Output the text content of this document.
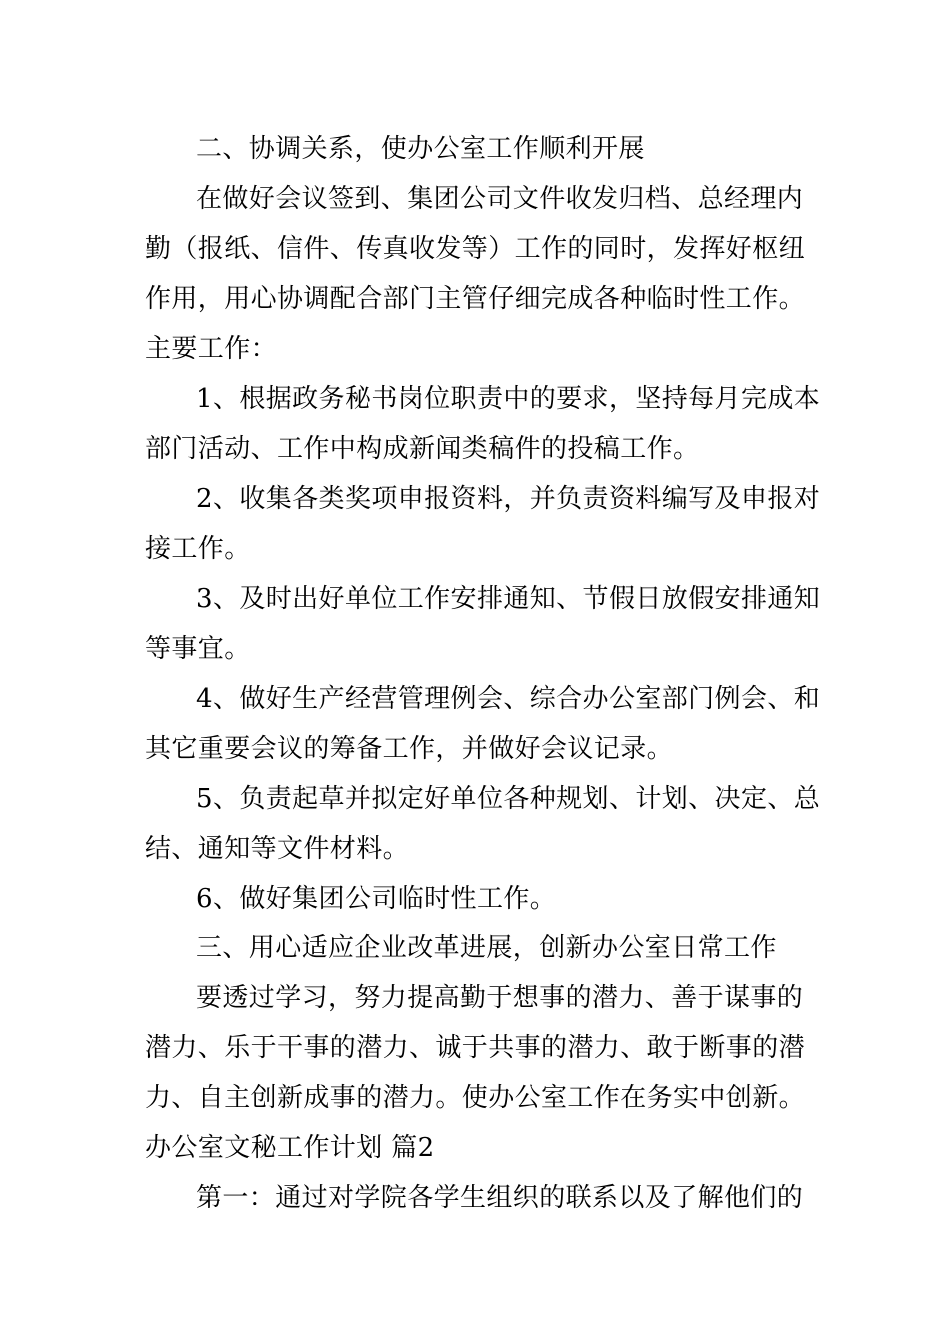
二、协调关系，使办公室工作顺利开展
在做好会议签到、集团公司文件收发归档、总经理内
勤（报纸、信件、传真收发等）工作的同时，发挥好枢纽
作用，用心协调配合部门主管仔细完成各种临时性工作。
主要工作：
1、根据政务秘书岗位职责中的要求，坚持每月完成本
部门活动、工作中构成新闻类稿件的投稿工作。
2、收集各类奖项申报资料，并负责资料编写及申报对
接工作。
3、及时出好单位工作安排通知、节假日放假安排通知
等事宜。
4、做好生产经营管理例会、综合办公室部门例会、和
其它重要会议的筹备工作，并做好会议记录。
5、负责起草并拟定好单位各种规划、计划、决定、总
结、通知等文件材料。
6、做好集团公司临时性工作。
三、用心适应企业改革进展，创新办公室日常工作
要透过学习，努力提高勤于想事的潜力、善于谋事的
潜力、乐于干事的潜力、诚于共事的潜力、敢于断事的潜
力、自主创新成事的潜力。使办公室工作在务实中创新。
办公室文秘工作计划 篇2
第一：通过对学院各学生组织的联系以及了解他们的
